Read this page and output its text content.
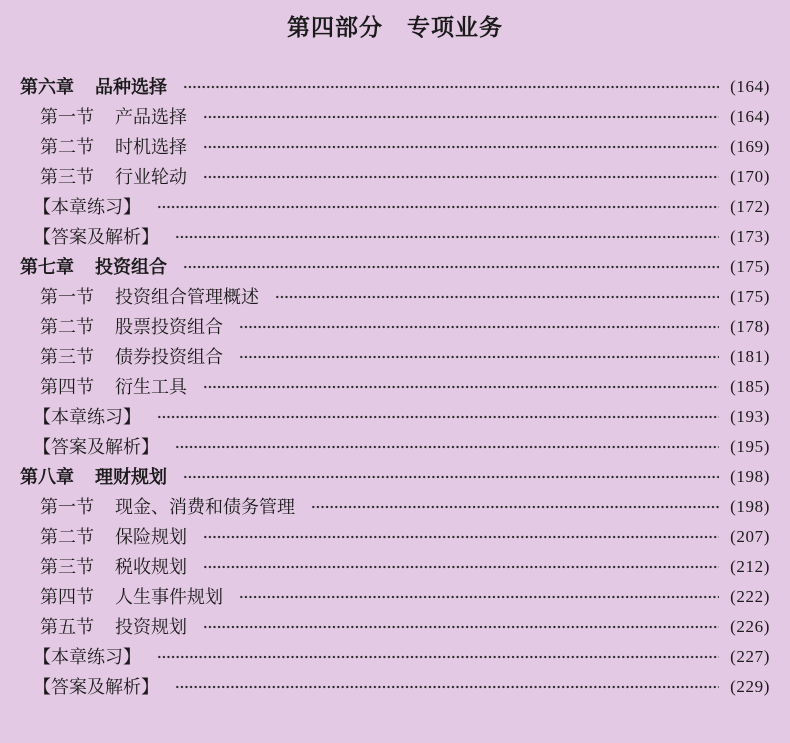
第四部分　专项业务
第六章 品种选择	(164)
第一节 产品选择	(164)
第二节 时机选择	(169)
第三节 行业轮动	(170)
【本章练习】	(172)
【答案及解析】	(173)
第七章 投资组合	(175)
第一节 投资组合管理概述	(175)
第二节 股票投资组合	(178)
第三节 债券投资组合	(181)
第四节 衍生工具	(185)
【本章练习】	(193)
【答案及解析】	(195)
第八章 理财规划	(198)
第一节 现金、消费和债务管理	(198)
第二节 保险规划	(207)
第三节 税收规划	(212)
第四节 人生事件规划	(222)
第五节 投资规划	(226)
【本章练习】	(227)
【答案及解析】	(229)
